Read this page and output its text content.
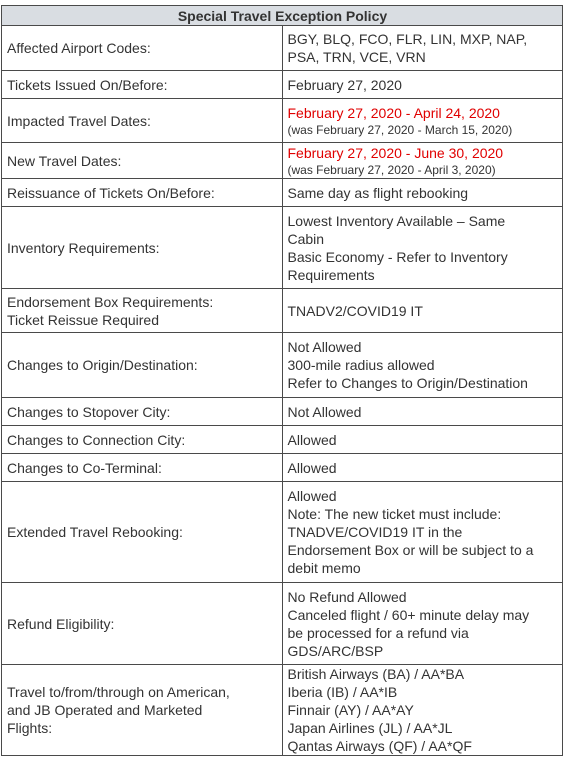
Special Travel Exception Policy	

Affected Airport Codes:	BGY, BLQ, FCO, FLR, LIN, MXP, NAP,
PSA, TRN, VCE, VRN

Tickets Issued On/Before:	February 27, 2020

Impacted Travel Dates:	February 27, 2020 - April 24, 2020
(was February 27, 2020 - March 15, 2020)

New Travel Dates:	February 27, 2020 - June 30, 2020
(was February 27, 2020 - April 3, 2020)

Reissuance of Tickets On/Before:	Same day as flight rebooking

Inventory Requirements:	Lowest Inventory Available – Same
Cabin
Basic Economy - Refer to Inventory
Requirements

Endorsement Box Requirements:
Ticket Reissue Required	TNADV2/COVID19 IT

Changes to Origin/Destination:	Not Allowed
300-mile radius allowed
Refer to Changes to Origin/Destination

Changes to Stopover City:	Not Allowed

Changes to Connection City:	Allowed

Changes to Co-Terminal:	Allowed

Extended Travel Rebooking:	Allowed
Note: The new ticket must include:
TNADVE/COVID19 IT in the
Endorsement Box or will be subject to a
debit memo

Refund Eligibility:	No Refund Allowed
Canceled flight / 60+ minute delay may
be processed for a refund via
GDS/ARC/BSP

Travel to/from/through on American,
and JB Operated and Marketed
Flights:	British Airways (BA) / AA*BA
Iberia (IB) / AA*IB
Finnair (AY) / AA*AY
Japan Airlines (JL) / AA*JL
Qantas Airways (QF) / AA*QF
